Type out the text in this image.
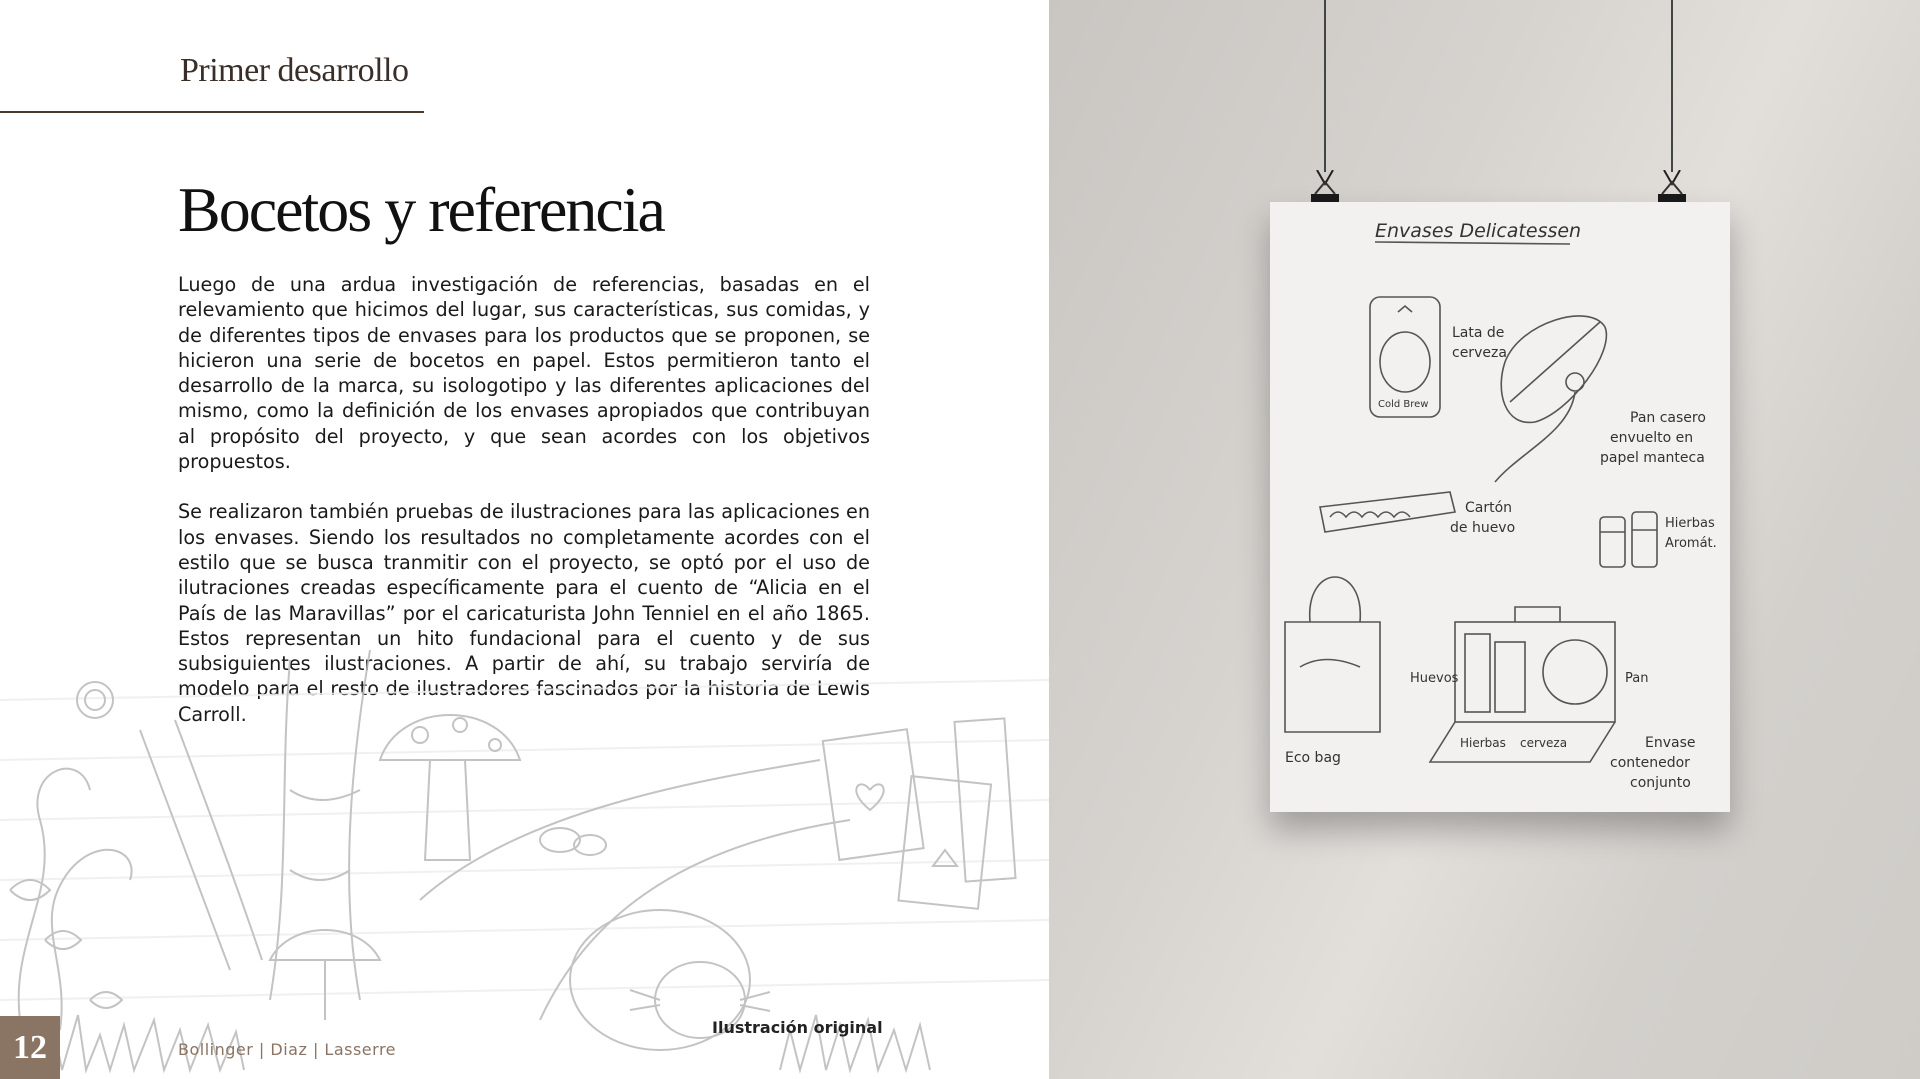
Primer desarrollo
Bocetos y referencia

Luego de una ardua investigación de referencias, basadas en el relevamiento que hicimos del lugar, sus características, sus comidas, y de diferentes tipos de envases para los productos que se proponen, se hicieron una serie de bocetos en papel. Estos permitieron tanto el desarrollo de la marca, su isologotipo y las diferentes aplicaciones del mismo, como la definición de los envases apropiados que contribuyan al propósito del proyecto, y que sean acordes con los objetivos propuestos.

Se realizaron también pruebas de ilustraciones para las aplicaciones en los envases. Siendo los resultados no completamente acordes con el estilo que se busca tranmitir con el proyecto, se optó por el uso de ilutraciones creadas específicamente para el cuento de “Alicia en el País de las Maravillas” por el caricaturista John Tenniel en el año 1865. Estos representan un hito fundacional para el cuento y de sus subsiguientes ilustraciones. A partir de ahí, su trabajo serviría de modelo para el resto de ilustradores fascinados por la historia de Lewis Carroll.

Ilustración original
12	Bollinger | Diaz | Lasserre
Envases Delicatessen
Lata de
cerveza
Cold Brew
Pan casero
envuelto en
papel manteca
Cartón
de huevo	Hierbas
Aromát.
Eco bag
Huevos	Pan
Hierbas cerveza	Envase
contenedor
conjunto
